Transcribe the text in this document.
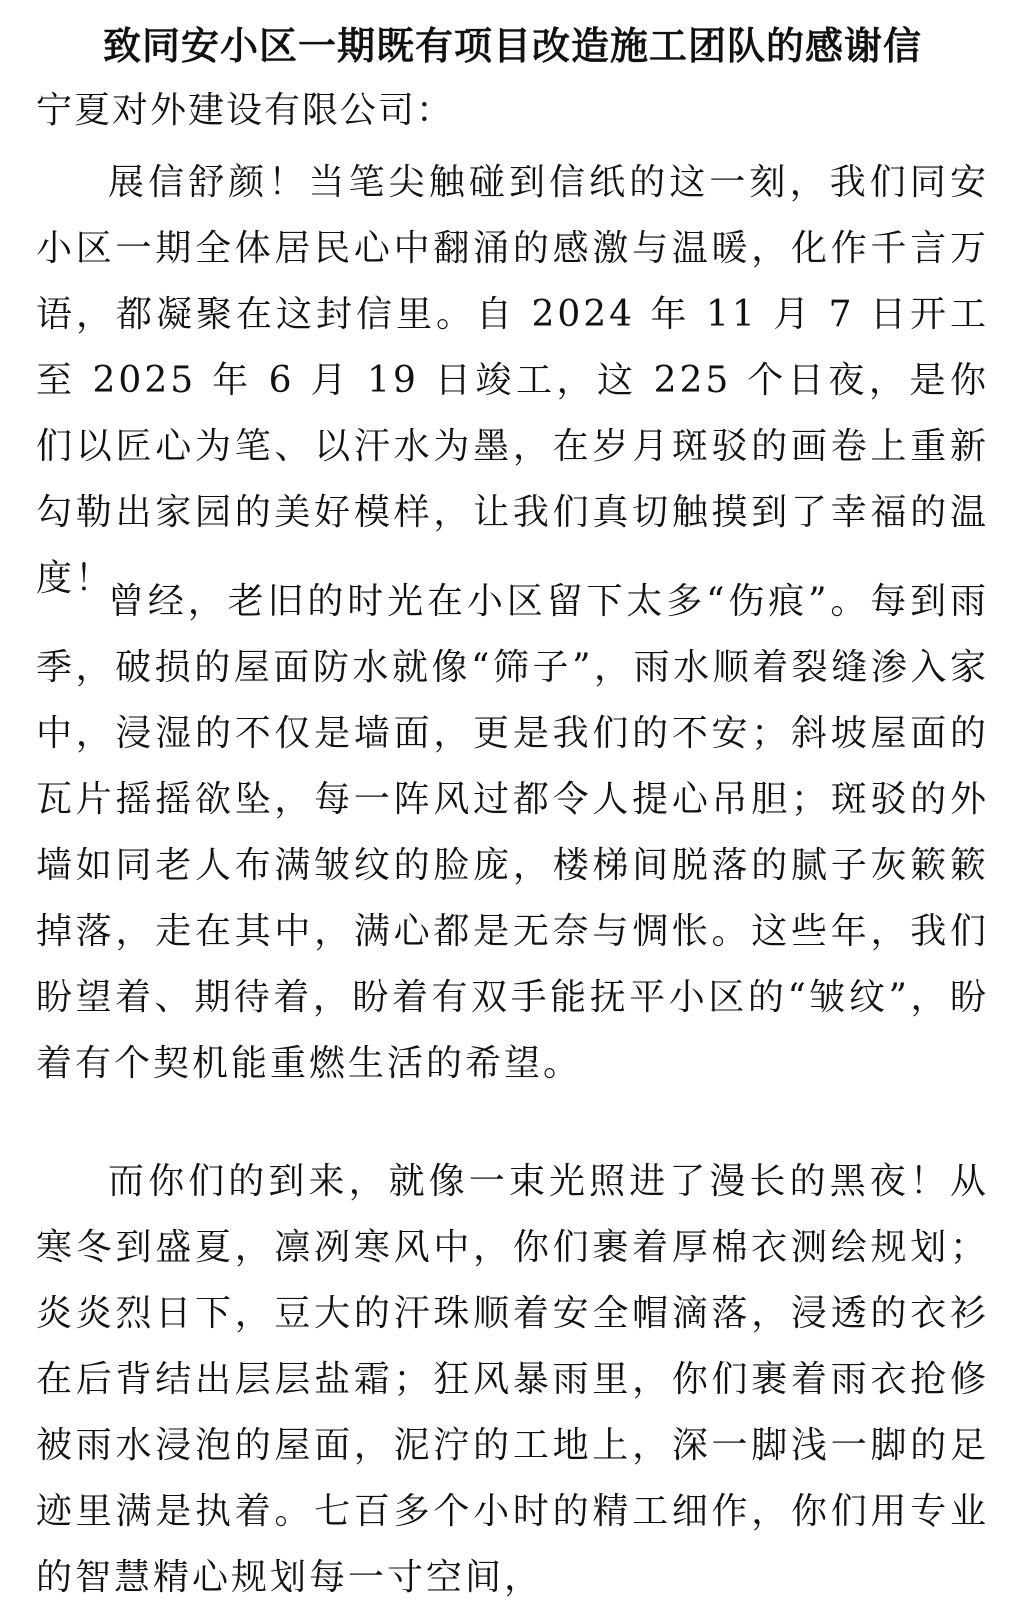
致同安小区一期既有项目改造施工团队的感谢信
宁夏对外建设有限公司：

展信舒颜！当笔尖触碰到信纸的这一刻，我们同安小区一期全体居民心中翻涌的感激与温暖，化作千言万语，都凝聚在这封信里。自 2024 年 11 月 7 日开工至 2025 年 6 月 19 日竣工，这 225 个日夜，是你们以匠心为笔、以汗水为墨，在岁月斑驳的画卷上重新勾勒出家园的美好模样，让我们真切触摸到了幸福的温度！

曾经，老旧的时光在小区留下太多“伤痕”。每到雨季，破损的屋面防水就像“筛子”，雨水顺着裂缝渗入家中，浸湿的不仅是墙面，更是我们的不安；斜坡屋面的瓦片摇摇欲坠，每一阵风过都令人提心吊胆；斑驳的外墙如同老人布满皱纹的脸庞，楼梯间脱落的腻子灰簌簌掉落，走在其中，满心都是无奈与惆怅。这些年，我们盼望着、期待着，盼着有双手能抚平小区的“皱纹”，盼着有个契机能重燃生活的希望。

而你们的到来，就像一束光照进了漫长的黑夜！从寒冬到盛夏，凛冽寒风中，你们裹着厚棉衣测绘规划；炎炎烈日下，豆大的汗珠顺着安全帽滴落，浸透的衣衫在后背结出层层盐霜；狂风暴雨里，你们裹着雨衣抢修被雨水浸泡的屋面，泥泞的工地上，深一脚浅一脚的足迹里满是执着。七百多个小时的精工细作，你们用专业的智慧精心规划每一寸空间，
